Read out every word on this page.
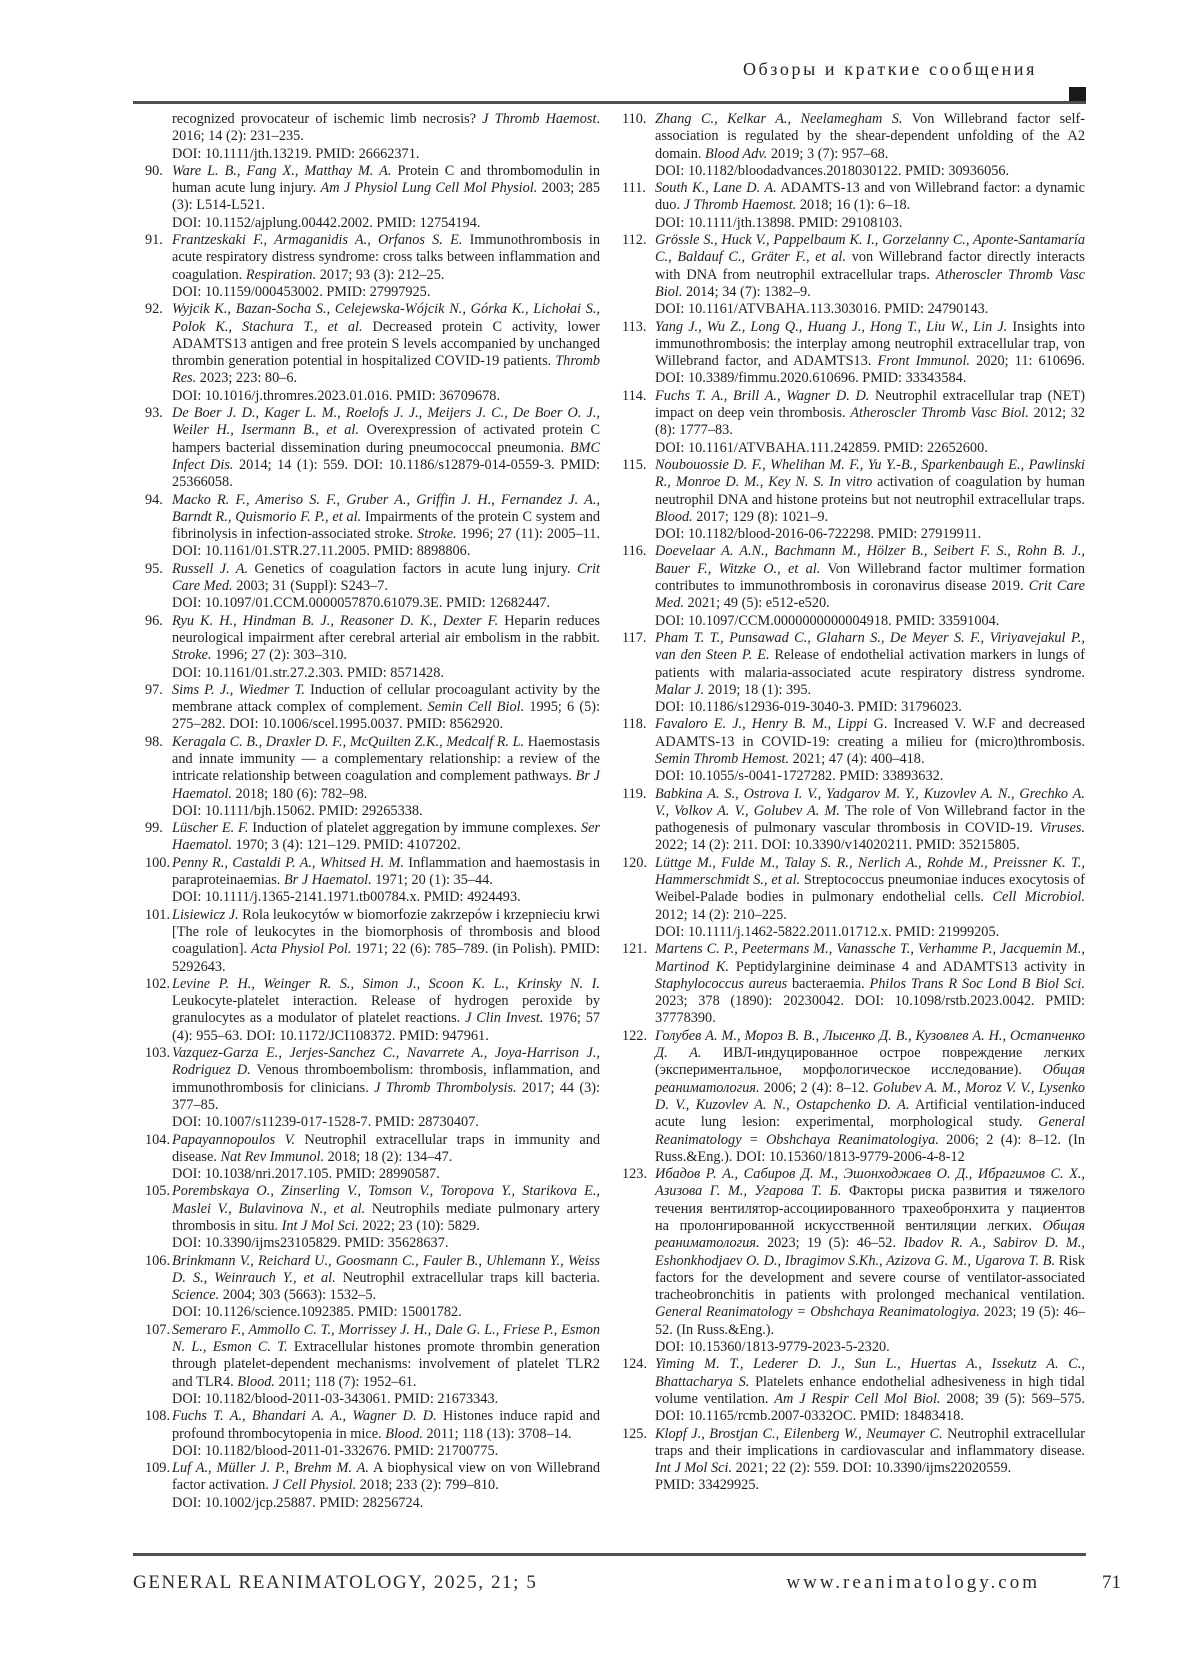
Обзоры и краткие сообщения
recognized provocateur of ischemic limb necrosis? J Thromb Haemost. 2016; 14 (2): 231–235.
DOI: 10.1111/jth.13219. PMID: 26662371.
90. Ware L. B., Fang X., Matthay M. A. Protein C and thrombomodulin in human acute lung injury. Am J Physiol Lung Cell Mol Physiol. 2003; 285 (3): L514-L521.
DOI: 10.1152/ajplung.00442.2002. PMID: 12754194.
91. Frantzeskaki F., Armaganidis A., Orfanos S. E. Immunothrombosis in acute respiratory distress syndrome: cross talks between inflammation and coagulation. Respiration. 2017; 93 (3): 212–25.
DOI: 10.1159/000453002. PMID: 27997925.
92. Wyjcik K., Bazan-Socha S., Celejewska-Wójcik N., Górka K., Lichołai S., Polok K., Stachura T., et al. Decreased protein C activity, lower ADAMTS13 antigen and free protein S levels accompanied by unchanged thrombin generation potential in hospitalized COVID-19 patients. Thromb Res. 2023; 223: 80–6.
DOI: 10.1016/j.thromres.2023.01.016. PMID: 36709678.
93. De Boer J. D., Kager L. M., Roelofs J. J., Meijers J. C., De Boer O. J., Weiler H., Isermann B., et al. Overexpression of activated protein C hampers bacterial dissemination during pneumococcal pneumonia. BMC Infect Dis. 2014; 14 (1): 559. DOI: 10.1186/s12879-014-0559-3. PMID: 25366058.
94. Macko R. F., Ameriso S. F., Gruber A., Griffin J. H., Fernandez J. A., Barndt R., Quismorio F. P., et al. Impairments of the protein C system and fibrinolysis in infection-associated stroke. Stroke. 1996; 27 (11): 2005–11. DOI: 10.1161/01.STR.27.11.2005. PMID: 8898806.
95. Russell J. A. Genetics of coagulation factors in acute lung injury. Crit Care Med. 2003; 31 (Suppl): S243–7.
DOI: 10.1097/01.CCM.0000057870.61079.3E. PMID: 12682447.
96. Ryu K. H., Hindman B. J., Reasoner D. K., Dexter F. Heparin reduces neurological impairment after cerebral arterial air embolism in the rabbit. Stroke. 1996; 27 (2): 303–310.
DOI: 10.1161/01.str.27.2.303. PMID: 8571428.
97. Sims P. J., Wiedmer T. Induction of cellular procoagulant activity by the membrane attack complex of complement. Semin Cell Biol. 1995; 6 (5): 275–282. DOI: 10.1006/scel.1995.0037. PMID: 8562920.
98. Keragala C. B., Draxler D. F., McQuilten Z.K., Medcalf R. L. Haemostasis and innate immunity — a complementary relationship: a review of the intricate relationship between coagulation and complement pathways. Br J Haematol. 2018; 180 (6): 782–98.
DOI: 10.1111/bjh.15062. PMID: 29265338.
99. Lüscher E. F. Induction of platelet aggregation by immune complexes. Ser Haematol. 1970; 3 (4): 121–129. PMID: 4107202.
100. Penny R., Castaldi P. A., Whitsed H. M. Inflammation and haemostasis in paraproteinaemias. Br J Haematol. 1971; 20 (1): 35–44.
DOI: 10.1111/j.1365-2141.1971.tb00784.x. PMID: 4924493.
101. Lisiewicz J. Rola leukocytów w biomorfozie zakrzepów i krzepnieciu krwi [The role of leukocytes in the biomorphosis of thrombosis and blood coagulation]. Acta Physiol Pol. 1971; 22 (6): 785–789. (in Polish). PMID: 5292643.
102. Levine P. H., Weinger R. S., Simon J., Scoon K. L., Krinsky N. I. Leukocyte-platelet interaction. Release of hydrogen peroxide by granulocytes as a modulator of platelet reactions. J Clin Invest. 1976; 57 (4): 955–63. DOI: 10.1172/JCI108372. PMID: 947961.
103. Vazquez-Garza E., Jerjes-Sanchez C., Navarrete A., Joya-Harrison J., Rodriguez D. Venous thromboembolism: thrombosis, inflammation, and immunothrombosis for clinicians. J Thromb Thrombolysis. 2017; 44 (3): 377–85.
DOI: 10.1007/s11239-017-1528-7. PMID: 28730407.
104. Papayannopoulos V. Neutrophil extracellular traps in immunity and disease. Nat Rev Immunol. 2018; 18 (2): 134–47.
DOI: 10.1038/nri.2017.105. PMID: 28990587.
105. Porembskaya O., Zinserling V., Tomson V., Toropova Y., Starikova E., Maslei V., Bulavinova N., et al. Neutrophils mediate pulmonary artery thrombosis in situ. Int J Mol Sci. 2022; 23 (10): 5829.
DOI: 10.3390/ijms23105829. PMID: 35628637.
106. Brinkmann V., Reichard U., Goosmann C., Fauler B., Uhlemann Y., Weiss D. S., Weinrauch Y., et al. Neutrophil extracellular traps kill bacteria. Science. 2004; 303 (5663): 1532–5.
DOI: 10.1126/science.1092385. PMID: 15001782.
107. Semeraro F., Ammollo C. T., Morrissey J. H., Dale G. L., Friese P., Esmon N. L., Esmon C. T. Extracellular histones promote thrombin generation through platelet-dependent mechanisms: involvement of platelet TLR2 and TLR4. Blood. 2011; 118 (7): 1952–61.
DOI: 10.1182/blood-2011-03-343061. PMID: 21673343.
108. Fuchs T. A., Bhandari A. A., Wagner D. D. Histones induce rapid and profound thrombocytopenia in mice. Blood. 2011; 118 (13): 3708–14.
DOI: 10.1182/blood-2011-01-332676. PMID: 21700775.
109. Luf A., Müller J. P., Brehm M. A. A biophysical view on von Willebrand factor activation. J Cell Physiol. 2018; 233 (2): 799–810.
DOI: 10.1002/jcp.25887. PMID: 28256724.
110. Zhang C., Kelkar A., Neelamegham S. Von Willebrand factor self-association is regulated by the shear-dependent unfolding of the A2 domain. Blood Adv. 2019; 3 (7): 957–68.
DOI: 10.1182/bloodadvances.2018030122. PMID: 30936056.
111. South K., Lane D. A. ADAMTS-13 and von Willebrand factor: a dynamic duo. J Thromb Haemost. 2018; 16 (1): 6–18.
DOI: 10.1111/jth.13898. PMID: 29108103.
112. Grössle S., Huck V., Pappelbaum K. I., Gorzelanny C., Aponte-Santamaría C., Baldauf C., Gräter F., et al. von Willebrand factor directly interacts with DNA from neutrophil extracellular traps. Atheroscler Thromb Vasc Biol. 2014; 34 (7): 1382–9.
DOI: 10.1161/ATVBAHA.113.303016. PMID: 24790143.
113. Yang J., Wu Z., Long Q., Huang J., Hong T., Liu W., Lin J. Insights into immunothrombosis: the interplay among neutrophil extracellular trap, von Willebrand factor, and ADAMTS13. Front Immunol. 2020; 11: 610696. DOI: 10.3389/fimmu.2020.610696. PMID: 33343584.
114. Fuchs T. A., Brill A., Wagner D. D. Neutrophil extracellular trap (NET) impact on deep vein thrombosis. Atheroscler Thromb Vasc Biol. 2012; 32 (8): 1777–83.
DOI: 10.1161/ATVBAHA.111.242859. PMID: 22652600.
115. Noubouossie D. F., Whelihan M. F., Yu Y.-B., Sparkenbaugh E., Pawlinski R., Monroe D. M., Key N. S. In vitro activation of coagulation by human neutrophil DNA and histone proteins but not neutrophil extracellular traps. Blood. 2017; 129 (8): 1021–9.
DOI: 10.1182/blood-2016-06-722298. PMID: 27919911.
116. Doevelaar A. A.N., Bachmann M., Hölzer B., Seibert F. S., Rohn B. J., Bauer F., Witzke O., et al. Von Willebrand factor multimer formation contributes to immunothrombosis in coronavirus disease 2019. Crit Care Med. 2021; 49 (5): e512-e520.
DOI: 10.1097/CCM.0000000000004918. PMID: 33591004.
117. Pham T. T., Punsawad C., Glaharn S., De Meyer S. F., Viriyavejakul P., van den Steen P. E. Release of endothelial activation markers in lungs of patients with malaria-associated acute respiratory distress syndrome. Malar J. 2019; 18 (1): 395.
DOI: 10.1186/s12936-019-3040-3. PMID: 31796023.
118. Favaloro E. J., Henry B. M., Lippi G. Increased V. W.F and decreased ADAMTS-13 in COVID-19: creating a milieu for (micro)thrombosis. Semin Thromb Hemost. 2021; 47 (4): 400–418.
DOI: 10.1055/s-0041-1727282. PMID: 33893632.
119. Babkina A. S., Ostrova I. V., Yadgarov M. Y., Kuzovlev A. N., Grechko A. V., Volkov A. V., Golubev A. M. The role of Von Willebrand factor in the pathogenesis of pulmonary vascular thrombosis in COVID-19. Viruses. 2022; 14 (2): 211. DOI: 10.3390/v14020211. PMID: 35215805.
120. Lüttge M., Fulde M., Talay S. R., Nerlich A., Rohde M., Preissner K. T., Hammerschmidt S., et al. Streptococcus pneumoniae induces exocytosis of Weibel-Palade bodies in pulmonary endothelial cells. Cell Microbiol. 2012; 14 (2): 210–225.
DOI: 10.1111/j.1462-5822.2011.01712.x. PMID: 21999205.
121. Martens C. P., Peetermans M., Vanassche T., Verhamme P., Jacquemin M., Martinod K. Peptidylarginine deiminase 4 and ADAMTS13 activity in Staphylococcus aureus bacteraemia. Philos Trans R Soc Lond B Biol Sci. 2023; 378 (1890): 20230042. DOI: 10.1098/rstb.2023.0042. PMID: 37778390.
122. Голубев А. М., Мороз В. В., Лысенко Д. В., Кузовлев А. Н., Остапченко Д. А. ИВЛ-индуцированное острое повреждение легких (экспериментальное, морфологическое исследование). Общая реаниматология. 2006; 2 (4): 8–12. Golubev A. M., Moroz V. V., Lysenko D. V., Kuzovlev A. N., Ostapchenko D. A. Artificial ventilation-induced acute lung lesion: experimental, morphological study. General Reanimatology = Obshchaya Reanimatologiya. 2006; 2 (4): 8–12. (In Russ.&Eng.). DOI: 10.15360/1813-9779-2006-4-8-12
123. Ибадов Р. А., Сабиров Д. М., Эшонходжаев О. Д., Ибрагимов С. Х., Азизова Г. М., Угарова Т. Б. Факторы риска развития и тяжелого течения вентилятор-ассоциированного трахеобронхита у пациентов на пролонгированной искусственной вентиляции легких. Общая реаниматология. 2023; 19 (5): 46–52. Ibadov R. A., Sabirov D. M., Eshonkhodjaev O. D., Ibragimov S.Kh., Azizova G. M., Ugarova T. B. Risk factors for the development and severe course of ventilator-associated tracheobronchitis in patients with prolonged mechanical ventilation. General Reanimatology = Obshchaya Reanimatologiya. 2023; 19 (5): 46–52. (In Russ.&Eng.).
DOI: 10.15360/1813-9779-2023-5-2320.
124. Yiming M. T., Lederer D. J., Sun L., Huertas A., Issekutz A. C., Bhattacharya S. Platelets enhance endothelial adhesiveness in high tidal volume ventilation. Am J Respir Cell Mol Biol. 2008; 39 (5): 569–575. DOI: 10.1165/rcmb.2007-0332OC. PMID: 18483418.
125. Klopf J., Brostjan C., Eilenberg W., Neumayer C. Neutrophil extracellular traps and their implications in cardiovascular and inflammatory disease. Int J Mol Sci. 2021; 22 (2): 559. DOI: 10.3390/ijms22020559.
PMID: 33429925.
GENERAL REANIMATOLOGY, 2025, 21; 5	www.reanimatology.com	71
